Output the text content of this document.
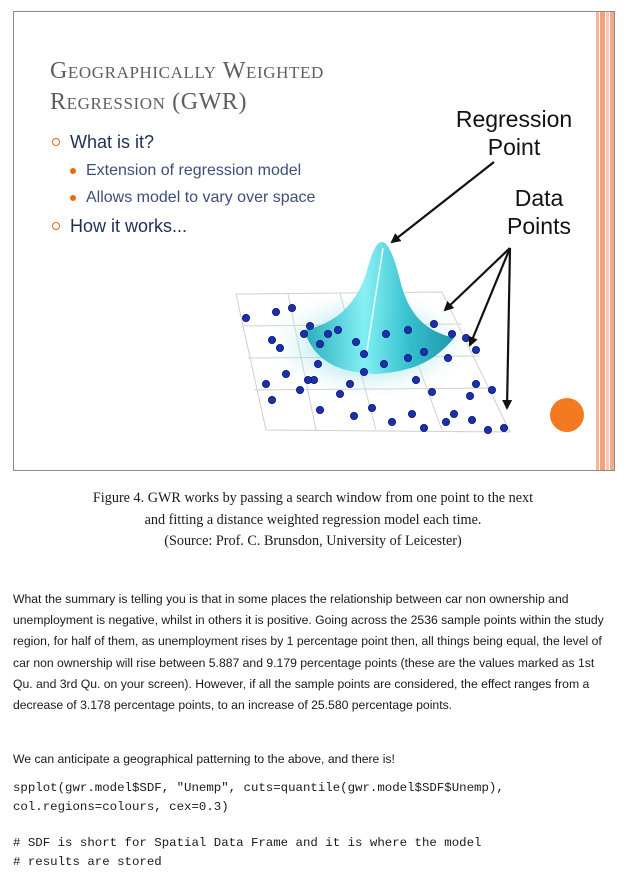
Geographically Weighted
Regression (GWR)

What is it?

Extension of regression model

Allows model to vary over space

How it works...

Regression
Point
Data
Points

Figure 4. GWR works by passing a search window from one point to the next
and fitting a distance weighted regression model each time.
(Source: Prof. C. Brunsdon, University of Leicester)

What the summary is telling you is that in some places the relationship between car non ownership and unemployment is negative, whilst in others it is positive. Going across the 2536 sample points within the study region, for half of them, as unemployment rises by 1 percentage point then, all things being equal, the level of car non ownership will rise between 5.887 and 9.179 percentage points (these are the values marked as 1st Qu. and 3rd Qu. on your screen). However, if all the sample points are considered, the effect ranges from a decrease of 3.178 percentage points, to an increase of 25.580 percentage points.

We can anticipate a geographical patterning to the above, and there is!

spplot(gwr.model$SDF, "Unemp", cuts=quantile(gwr.model$SDF$Unemp),
col.regions=colours, cex=0.3)
# SDF is short for Spatial Data Frame and it is where the model
# results are stored
